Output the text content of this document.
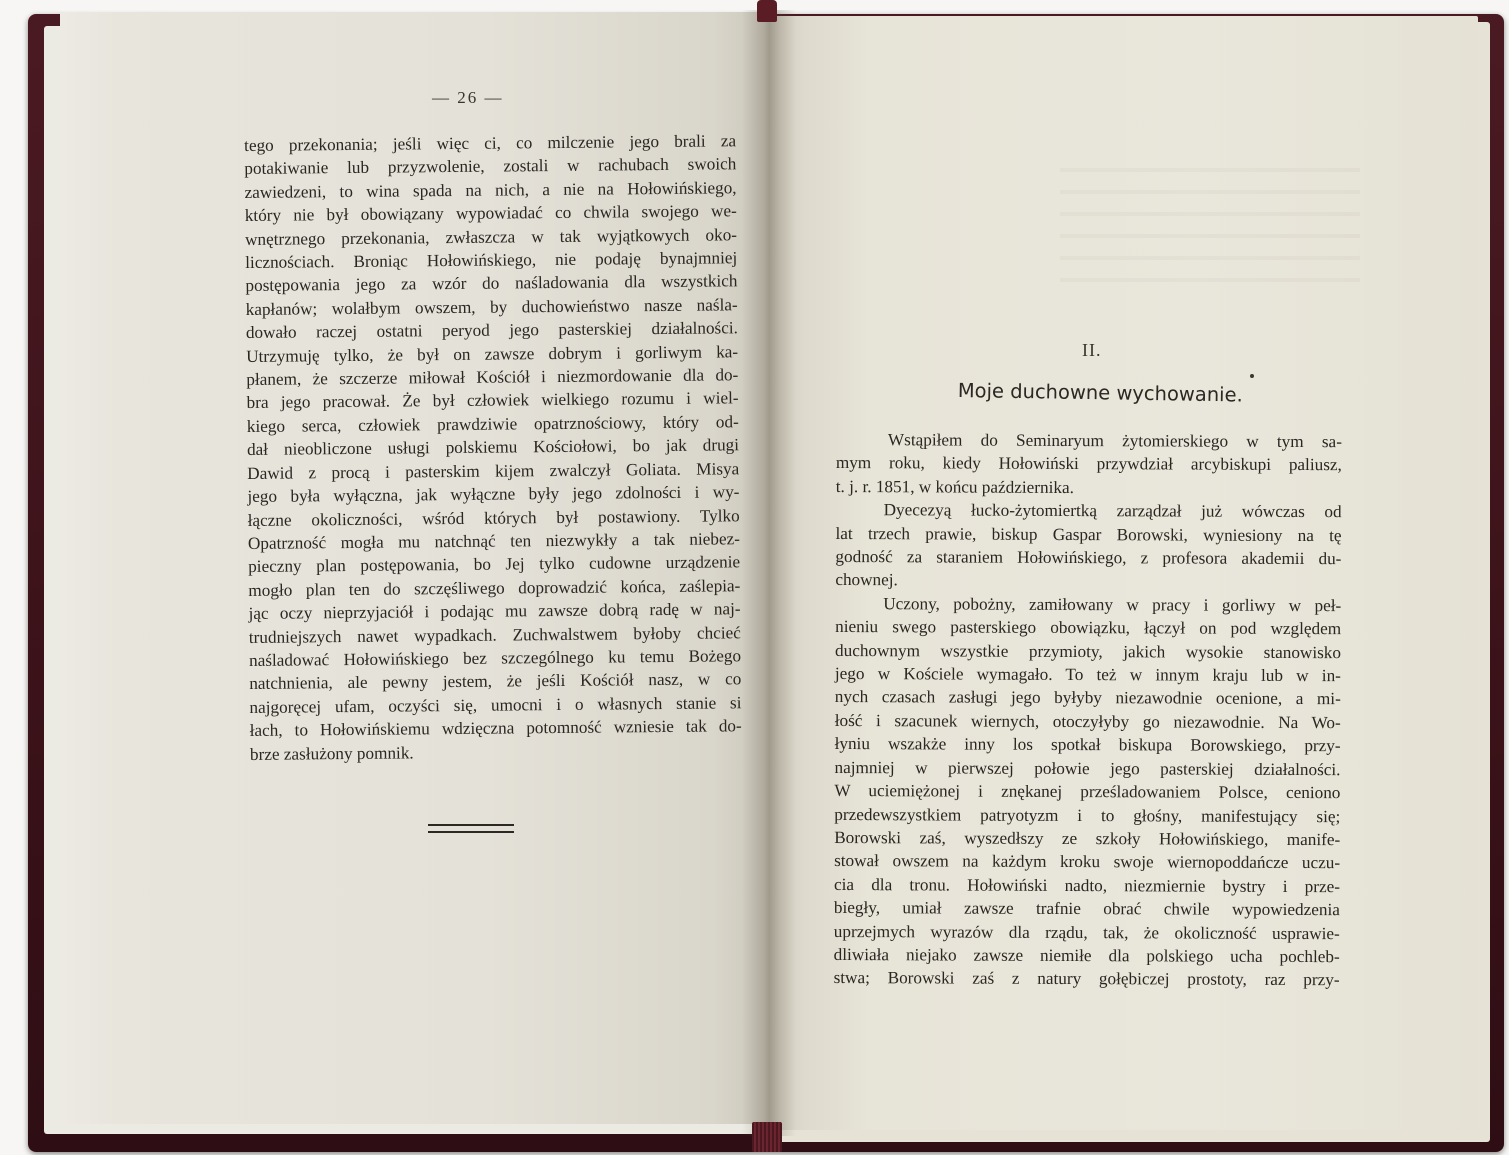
— 26 —
tego przekonania; jeśli więc ci, co milczenie jego brali za
potakiwanie lub przyzwolenie, zostali w rachubach swoich
zawiedzeni, to wina spada na nich, a nie na Hołowińskiego,
który nie był obowiązany wypowiadać co chwila swojego we-
wnętrznego przekonania, zwłaszcza w tak wyjątkowych oko-
licznościach. Broniąc Hołowińskiego, nie podaję bynajmniej
postępowania jego za wzór do naśladowania dla wszystkich
kapłanów; wolałbym owszem, by duchowieństwo nasze naśla-
dowało raczej ostatni peryod jego pasterskiej działalności.
Utrzymuję tylko, że był on zawsze dobrym i gorliwym ka-
płanem, że szczerze miłował Kościół i niezmordowanie dla do-
bra jego pracował. Że był człowiek wielkiego rozumu i wiel-
kiego serca, człowiek prawdziwie opatrznościowy, który od-
dał nieobliczone usługi polskiemu Kościołowi, bo jak drugi
Dawid z procą i pasterskim kijem zwalczył Goliata. Misya
jego była wyłączna, jak wyłączne były jego zdolności i wy-
łączne okoliczności, wśród których był postawiony. Tylko
Opatrzność mogła mu natchnąć ten niezwykły a tak niebez-
pieczny plan postępowania, bo Jej tylko cudowne urządzenie
mogło plan ten do szczęśliwego doprowadzić końca, zaślepia-
jąc oczy nieprzyjaciół i podając mu zawsze dobrą radę w naj-
trudniejszych nawet wypadkach. Zuchwalstwem byłoby chcieć
naśladować Hołowińskiego bez szczególnego ku temu Bożego
natchnienia, ale pewny jestem, że jeśli Kościół nasz, w co
najgoręcej ufam, oczyści się, umocni i o własnych stanie si
łach, to Hołowińskiemu wdzięczna potomność wzniesie tak do-
brze zasłużony pomnik.
II.
Moje duchowne wychowanie.
Wstąpiłem do Seminaryum żytomierskiego w tym sa-
mym roku, kiedy Hołowiński przywdział arcybiskupi paliusz,
t. j. r. 1851, w końcu października.
Dyecezyą łucko-żytomiertką zarządzał już wówczas od
lat trzech prawie, biskup Gaspar Borowski, wyniesiony na tę
godność za staraniem Hołowińskiego, z profesora akademii du-
chownej.
Uczony, pobożny, zamiłowany w pracy i gorliwy w peł-
nieniu swego pasterskiego obowiązku, łączył on pod względem
duchownym wszystkie przymioty, jakich wysokie stanowisko
jego w Kościele wymagało. To też w innym kraju lub w in-
nych czasach zasługi jego byłyby niezawodnie ocenione, a mi-
łość i szacunek wiernych, otoczyłyby go niezawodnie. Na Wo-
łyniu wszakże inny los spotkał biskupa Borowskiego, przy-
najmniej w pierwszej połowie jego pasterskiej działalności.
W uciemiężonej i znękanej prześladowaniem Polsce, ceniono
przedewszystkiem patryotyzm i to głośny, manifestujący się;
Borowski zaś, wyszedłszy ze szkoły Hołowińskiego, manife-
stował owszem na każdym kroku swoje wiernopoddańcze uczu-
cia dla tronu. Hołowiński nadto, niezmiernie bystry i prze-
biegły, umiał zawsze trafnie obrać chwile wypowiedzenia
uprzejmych wyrazów dla rządu, tak, że okoliczność usprawie-
dliwiała niejako zawsze niemiłe dla polskiego ucha pochleb-
stwa; Borowski zaś z natury gołębiczej prostoty, raz przy-
